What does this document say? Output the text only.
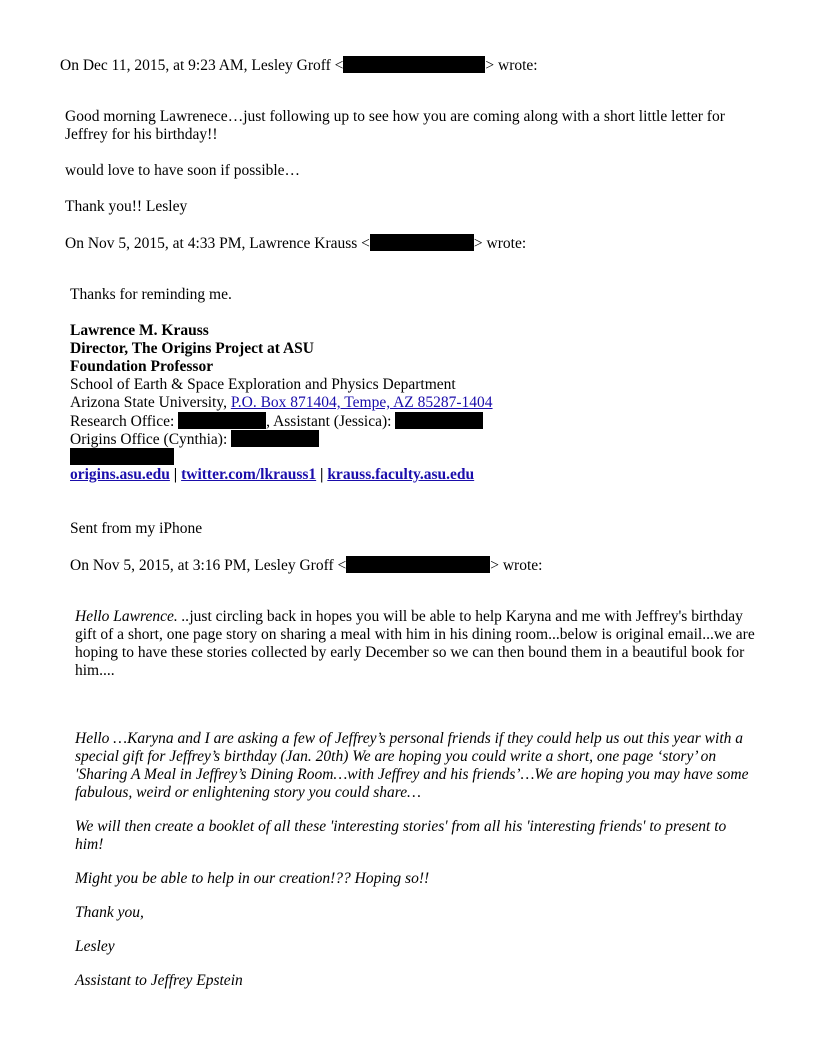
On Dec 11, 2015, at 9:23 AM, Lesley Groff <	> wrote:
Good morning Lawrenece…just following up to see how you are coming along with a short little letter for Jeffrey for his birthday!!
would love to have soon if possible…
Thank you!! Lesley
On Nov 5, 2015, at 4:33 PM, Lawrence Krauss <	> wrote:
Thanks for reminding me.
Lawrence M. Krauss
Director, The Origins Project at ASU
Foundation Professor
School of Earth & Space Exploration and Physics Department
Arizona State University, P.O. Box 871404, Tempe, AZ 85287-1404
Research Office:	, Assistant (Jessica):
Origins Office (Cynthia):
origins.asu.edu | twitter.com/lkrauss1 | krauss.faculty.asu.edu
Sent from my iPhone
On Nov 5, 2015, at 3:16 PM, Lesley Groff <	> wrote:
Hello Lawrence. ..just circling back in hopes you will be able to help Karyna and me with Jeffrey's birthday gift of a short, one page story on sharing a meal with him in his dining room...below is original email...we are hoping to have these stories collected by early December so we can then bound them in a beautiful book for him....
Hello …Karyna and I are asking a few of Jeffrey’s personal friends if they could help us out this year with a special gift for Jeffrey’s birthday (Jan. 20th) We are hoping you could write a short, one page ‘story’ on 'Sharing A Meal in Jeffrey’s Dining Room…with Jeffrey and his friends’…We are hoping you may have some fabulous, weird or enlightening story you could share…
We will then create a booklet of all these 'interesting stories' from all his 'interesting friends' to present to him!
Might you be able to help in our creation!?? Hoping so!!
Thank you,
Lesley
Assistant to Jeffrey Epstein
